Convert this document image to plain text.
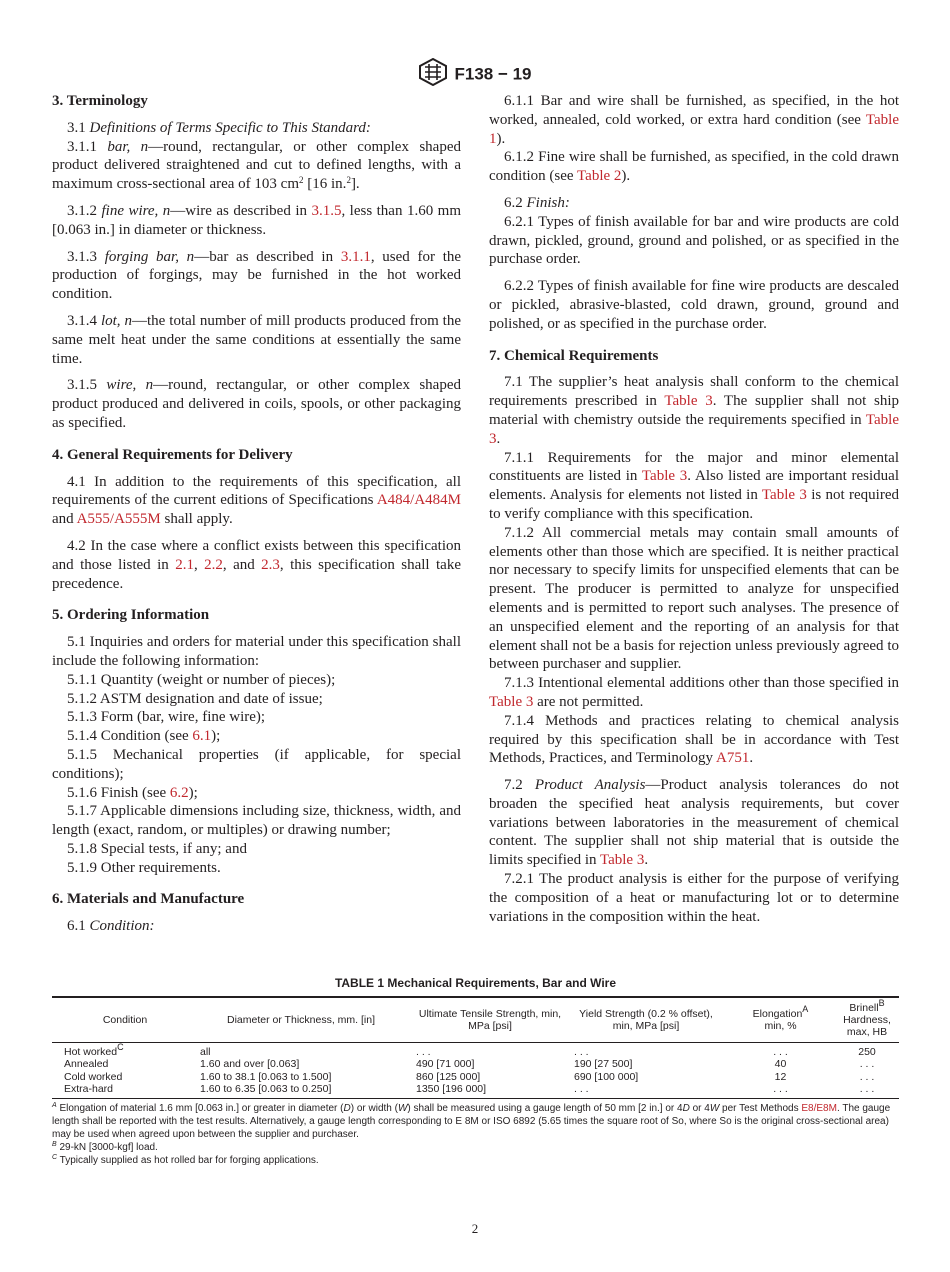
F138 − 19
3. Terminology

3.1 Definitions of Terms Specific to This Standard:

3.1.1 bar, n—round, rectangular, or other complex shaped product delivered straightened and cut to defined lengths, with a maximum cross-sectional area of 103 $cm^2$ [16 in.$^2$].

3.1.2 fine wire, n—wire as described in 3.1.5, less than 1.60 mm [0.063 in.] in diameter or thickness.

3.1.3 forging bar, n—bar as described in 3.1.1, used for the production of forgings, may be furnished in the hot worked condition.

3.1.4 lot, n—the total number of mill products produced from the same melt heat under the same conditions at essentially the same time.

3.1.5 wire, n—round, rectangular, or other complex shaped product produced and delivered in coils, spools, or other packaging as specified.

4. General Requirements for Delivery

4.1 In addition to the requirements of this specification, all requirements of the current editions of Specifications A484/A484M and A555/A555M shall apply.

4.2 In the case where a conflict exists between this specification and those listed in 2.1, 2.2, and 2.3, this specification shall take precedence.

5. Ordering Information

5.1 Inquiries and orders for material under this specification shall include the following information:

5.1.1 Quantity (weight or number of pieces);

5.1.2 ASTM designation and date of issue;

5.1.3 Form (bar, wire, fine wire);

5.1.4 Condition (see 6.1);

5.1.5 Mechanical properties (if applicable, for special conditions);

5.1.6 Finish (see 6.2);

5.1.7 Applicable dimensions including size, thickness, width, and length (exact, random, or multiples) or drawing number;

5.1.8 Special tests, if any; and

5.1.9 Other requirements.

6. Materials and Manufacture

6.1 Condition:

6.1.1 Bar and wire shall be furnished, as specified, in the hot worked, annealed, cold worked, or extra hard condition (see Table 1).

6.1.2 Fine wire shall be furnished, as specified, in the cold drawn condition (see Table 2).

6.2 Finish:

6.2.1 Types of finish available for bar and wire products are cold drawn, pickled, ground, ground and polished, or as specified in the purchase order.

6.2.2 Types of finish available for fine wire products are descaled or pickled, abrasive-blasted, cold drawn, ground, ground and polished, or as specified in the purchase order.

7. Chemical Requirements

7.1 The supplier’s heat analysis shall conform to the chemical requirements prescribed in Table 3. The supplier shall not ship material with chemistry outside the requirements specified in Table 3.

7.1.1 Requirements for the major and minor elemental constituents are listed in Table 3. Also listed are important residual elements. Analysis for elements not listed in Table 3 is not required to verify compliance with this specification.

7.1.2 All commercial metals may contain small amounts of elements other than those which are specified. It is neither practical nor necessary to specify limits for unspecified elements that can be present. The producer is permitted to analyze for unspecified elements and is permitted to report such analyses. The presence of an unspecified element and the reporting of an analysis for that element shall not be a basis for rejection unless previously agreed to between purchaser and supplier.

7.1.3 Intentional elemental additions other than those specified in Table 3 are not permitted.

7.1.4 Methods and practices relating to chemical analysis required by this specification shall be in accordance with Test Methods, Practices, and Terminology A751.

7.2 Product Analysis—Product analysis tolerances do not broaden the specified heat analysis requirements, but cover variations between laboratories in the measurement of chemical content. The supplier shall not ship material that is outside the limits specified in Table 3.

7.2.1 The product analysis is either for the purpose of verifying the composition of a heat or manufacturing lot or to determine variations in the composition within the heat.

TABLE 1 Mechanical Requirements, Bar and Wire
Condition	Diameter or Thickness, mm. [in]	Ultimate Tensile Strength, min, MPa [psi]	Yield Strength (0.2 % offset), min, MPa [psi]	Elongation$^A$
min, %	Brinell$^B$
Hardness, max, HB
Hot worked$^C$	all	. . .	. . .	. . .	250
Annealed	1.60 and over [0.063]	490 [71 000]	190 [27 500]	40	. . .
Cold worked	1.60 to 38.1 [0.063 to 1.500]	860 [125 000]	690 [100 000]	12	. . .
Extra-hard	1.60 to 6.35 [0.063 to 0.250]	1350 [196 000]	. . .	. . .	. . .

$^A$ Elongation of material 1.6 mm [0.063 in.] or greater in diameter (D) or width (W) shall be measured using a gauge length of 50 mm [2 in.] or 4D or 4W per Test Methods E8/E8M. The gauge length shall be reported with the test results. Alternatively, a gauge length corresponding to E 8M or ISO 6892 (5.65 times the square root of So, where So is the original cross-sectional area) may be used when agreed upon between the supplier and purchaser.

$^B$ 29-kN [3000-kgf] load.

$^C$ Typically supplied as hot rolled bar for forging applications.

2
